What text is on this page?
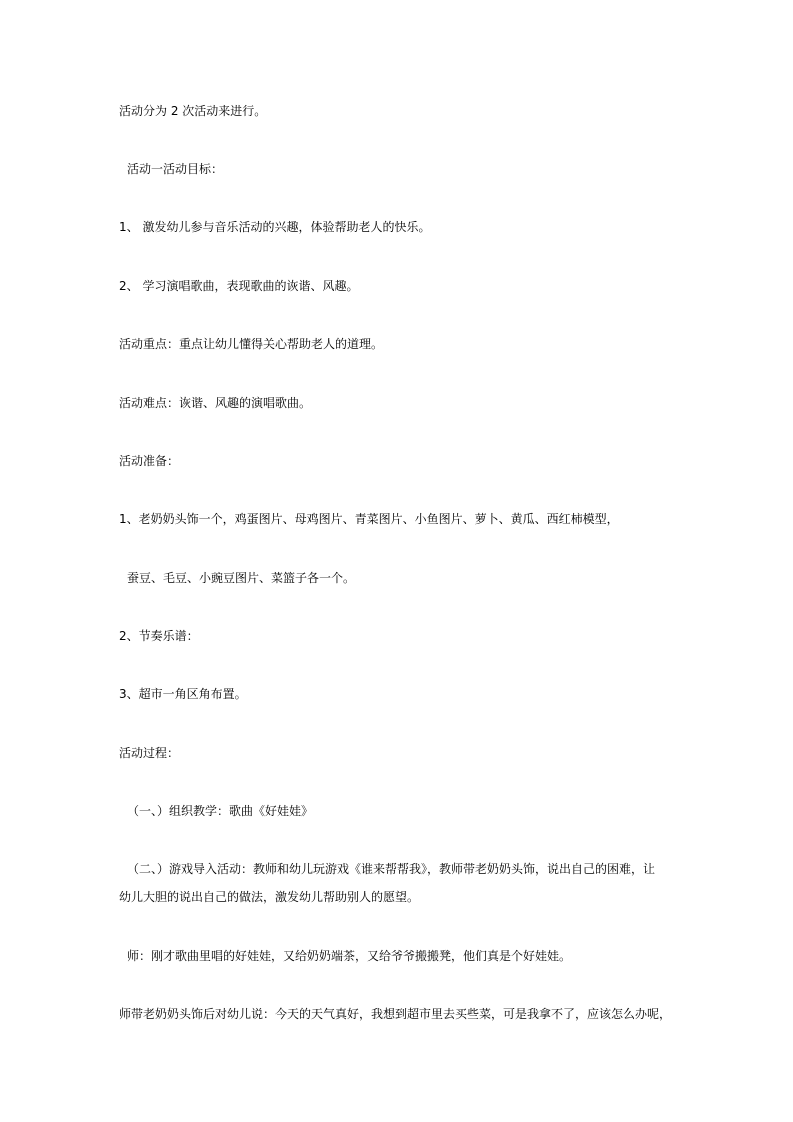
活动分为 2 次活动来进行。
活动一活动目标：
1、 激发幼儿参与音乐活动的兴趣，体验帮助老人的快乐。
2、 学习演唱歌曲，表现歌曲的诙谐、风趣。
活动重点：重点让幼儿懂得关心帮助老人的道理。
活动难点：诙谐、风趣的演唱歌曲。
活动准备：
1、老奶奶头饰一个，鸡蛋图片、母鸡图片、青菜图片、小鱼图片、萝卜、黄瓜、西红柿模型，
蚕豆、毛豆、小豌豆图片、菜篮子各一个。
2、节奏乐谱：
3、超市一角区角布置。
活动过程：
（一、）组织教学：歌曲《好娃娃》
（二、）游戏导入活动：教师和幼儿玩游戏《谁来帮帮我》，教师带老奶奶头饰，说出自己的困难，让
幼儿大胆的说出自己的做法，激发幼儿帮助别人的愿望。
师：刚才歌曲里唱的好娃娃，又给奶奶端茶，又给爷爷搬搬凳，他们真是个好娃娃。
师带老奶奶头饰后对幼儿说：今天的天气真好，我想到超市里去买些菜，可是我拿不了，应该怎么办呢，
